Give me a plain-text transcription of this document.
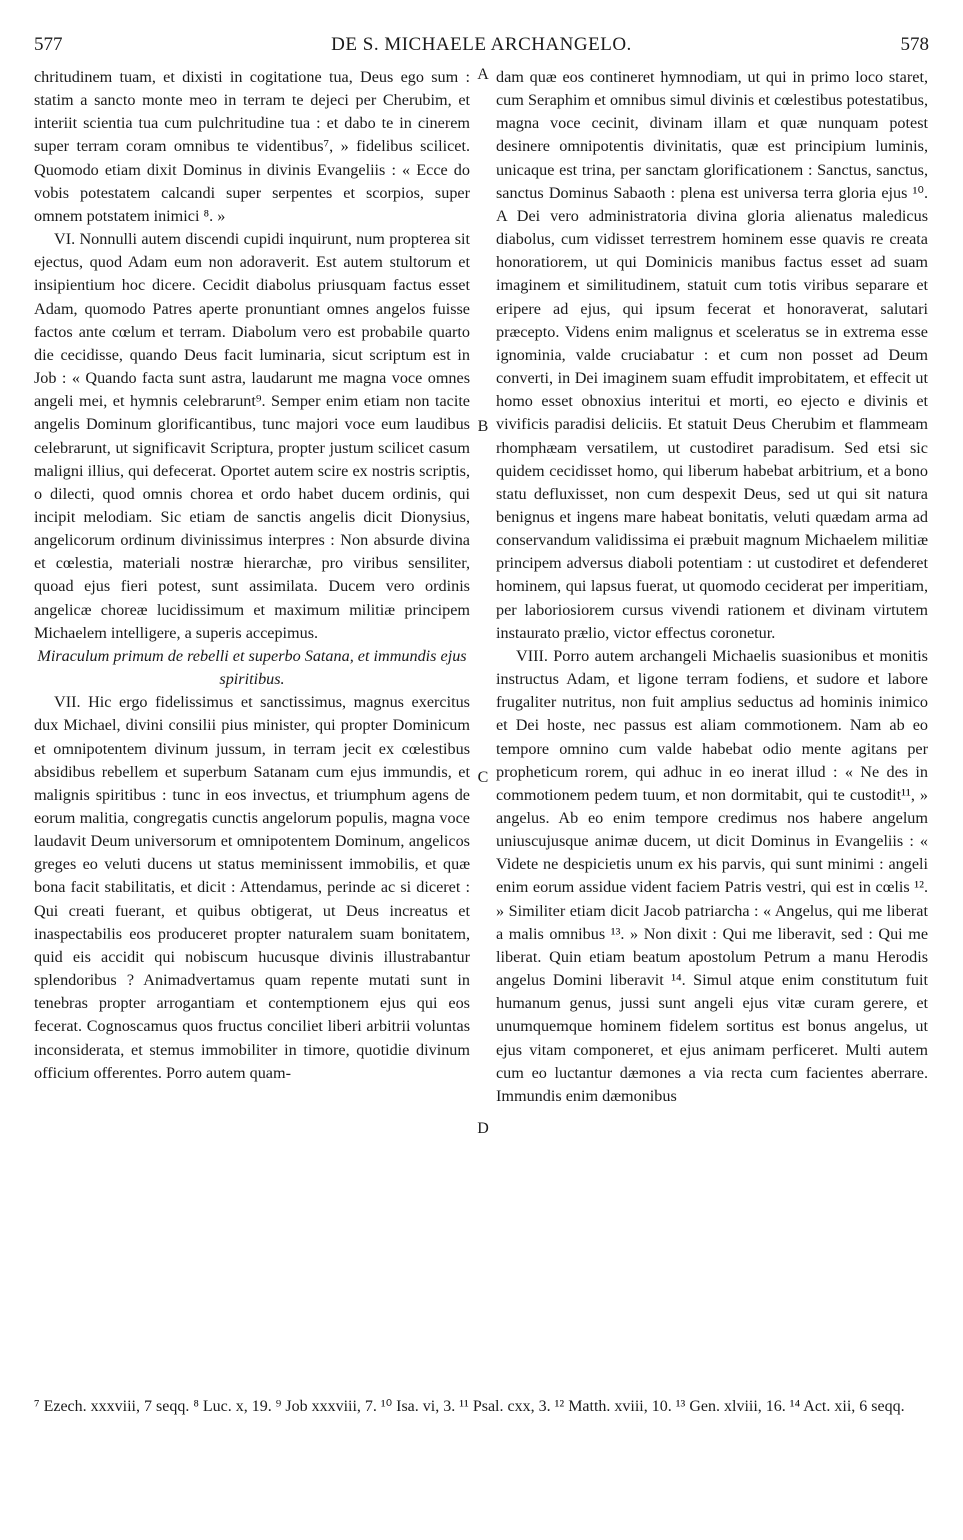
577	DE S. MICHAELE ARCHANGELO.	578

chritudinem tuam, et dixisti in cogitatione tua, Deus ego sum : statim a sancto monte meo in terram te dejeci per Cherubim, et interiit scientia tua cum pulchritudine tua : et dabo te in cinerem super terram coram omnibus te videntibus⁷, » fidelibus scilicet. Quomodo etiam dixit Dominus in divinis Evangeliis : « Ecce do vobis potestatem calcandi super serpentes et scorpios, super omnem potstatem inimici ⁸. »

VI. Nonnulli autem discendi cupidi inquirunt, num propterea sit ejectus, quod Adam eum non adoraverit. Est autem stultorum et insipientium hoc dicere. Cecidit diabolus priusquam factus esset Adam, quomodo Patres aperte pronuntiant omnes angelos fuisse factos ante cœlum et terram. Diabolum vero est probabile quarto die cecidisse, quando Deus facit luminaria, sicut scriptum est in Job : « Quando facta sunt astra, laudarunt me magna voce omnes angeli mei, et hymnis celebrarunt⁹. Semper enim etiam non tacite angelis Dominum glorificantibus, tunc majori voce eum laudibus celebrarunt, ut significavit Scriptura, propter justum scilicet casum maligni illius, qui defecerat. Oportet autem scire ex nostris scriptis, o dilecti, quod omnis chorea et ordo habet ducem ordinis, qui incipit melodiam. Sic etiam de sanctis angelis dicit Dionysius, angelicorum ordinum divinissimus interpres : Non absurde divina et cœlestia, materiali nostræ hierarchæ, pro viribus sensiliter, quoad ejus fieri potest, sunt assimilata. Ducem vero ordinis angelicæ choreæ lucidissimum et maximum militiæ principem Michaelem intelligere, a superis accepimus.

Miraculum primum de rebelli et superbo Satana, et immundis ejus spiritibus.

VII. Hic ergo fidelissimus et sanctissimus, magnus exercitus dux Michael, divini consilii pius minister, qui propter Dominicum et omnipotentem divinum jussum, in terram jecit ex cœlestibus absidibus rebellem et superbum Satanam cum ejus immundis, et malignis spiritibus : tunc in eos invectus, et triumphum agens de eorum malitia, congregatis cunctis angelorum populis, magna voce laudavit Deum universorum et omnipotentem Dominum, angelicos greges eo veluti ducens ut status meminissent immobilis, et quæ bona facit stabilitatis, et dicit : Attendamus, perinde ac si diceret : Qui creati fuerant, et quibus obtigerat, ut Deus increatus et inaspectabilis eos produceret propter naturalem suam bonitatem, quid eis accidit qui nobiscum hucusque divinis illustrabantur splendoribus ? Animadvertamus quam repente mutati sunt in tenebras propter arrogantiam et contemptionem ejus qui eos fecerat. Cognoscamus quos fructus conciliet liberi arbitrii voluntas inconsiderata, et stemus immobiliter in timore, quotidie divinum officium offerentes. Porro autem quam-

A
B
C
D

dam quæ eos contineret hymnodiam, ut qui in primo loco staret, cum Seraphim et omnibus simul divinis et cœlestibus potestatibus, magna voce cecinit, divinam illam et quæ nunquam potest desinere omnipotentis divinitatis, quæ est principium luminis, unicaque est trina, per sanctam glorificationem : Sanctus, sanctus, sanctus Dominus Sabaoth : plena est universa terra gloria ejus ¹⁰. A Dei vero administratoria divina gloria alienatus maledicus diabolus, cum vidisset terrestrem hominem esse quavis re creata honoratiorem, ut qui Dominicis manibus factus esset ad suam imaginem et similitudinem, statuit cum totis viribus separare et eripere ad ejus, qui ipsum fecerat et honoraverat, salutari præcepto. Videns enim malignus et sceleratus se in extrema esse ignominia, valde cruciabatur : et cum non posset ad Deum converti, in Dei imaginem suam effudit improbitatem, et effecit ut homo esset obnoxius interitui et morti, eo ejecto e divinis et vivificis paradisi deliciis. Et statuit Deus Cherubim et flammeam rhomphæam versatilem, ut custodiret paradisum. Sed etsi sic quidem cecidisset homo, qui liberum habebat arbitrium, et a bono statu defluxisset, non cum despexit Deus, sed ut qui sit natura benignus et ingens mare habeat bonitatis, veluti quædam arma ad conservandum validissima ei præbuit magnum Michaelem militiæ principem adversus diaboli potentiam : ut custodiret et defenderet hominem, qui lapsus fuerat, ut quomodo ceciderat per imperitiam, per laboriosiorem cursus vivendi rationem et divinam virtutem instaurato prælio, victor effectus coronetur.

VIII. Porro autem archangeli Michaelis suasionibus et monitis instructus Adam, et ligone terram fodiens, et sudore et labore frugaliter nutritus, non fuit amplius seductus ad hominis inimico et Dei hoste, nec passus est aliam commotionem. Nam ab eo tempore omnino cum valde habebat odio mente agitans per propheticum rorem, qui adhuc in eo inerat illud : « Ne des in commotionem pedem tuum, et non dormitabit, qui te custodit¹¹, » angelus. Ab eo enim tempore credimus nos habere angelum uniuscujusque animæ ducem, ut dicit Dominus in Evangeliis : « Videte ne despicietis unum ex his parvis, qui sunt minimi : angeli enim eorum assidue vident faciem Patris vestri, qui est in cœlis ¹². » Similiter etiam dicit Jacob patriarcha : « Angelus, qui me liberat a malis omnibus ¹³. » Non dixit : Qui me liberavit, sed : Qui me liberat. Quin etiam beatum apostolum Petrum a manu Herodis angelus Domini liberavit ¹⁴. Simul atque enim constitutum fuit humanum genus, jussi sunt angeli ejus vitæ curam gerere, et unumquemque hominem fidelem sortitus est bonus angelus, ut ejus vitam componeret, et ejus animam perficeret. Multi autem cum eo luctantur dæmones a via recta cum facientes aberrare. Immundis enim dæmonibus

⁷ Ezech. xxxviii, 7 seqq. ⁸ Luc. x, 19. ⁹ Job xxxviii, 7. ¹⁰ Isa. vi, 3. ¹¹ Psal. cxx, 3. ¹² Matth. xviii, 10. ¹³ Gen. xlviii, 16. ¹⁴ Act. xii, 6 seqq.
